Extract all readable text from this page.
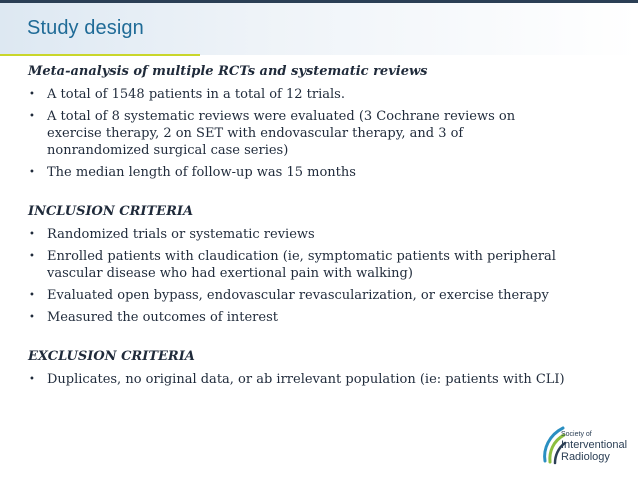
Study design
Meta-analysis of multiple RCTs and systematic reviews
• A total of 1548 patients in a total of 12 trials.
• A total of 8 systematic reviews were evaluated (3 Cochrane reviews on exercise therapy, 2 on SET with endovascular therapy, and 3 of nonrandomized surgical case series)
• The median length of follow-up was 15 months
INCLUSION CRITERIA
• Randomized trials or systematic reviews
• Enrolled patients with claudication (ie, symptomatic patients with peripheral vascular disease who had exertional pain with walking)
• Evaluated open bypass, endovascular revascularization, or exercise therapy
• Measured the outcomes of interest
EXCLUSION CRITERIA
• Duplicates, no original data, or ab irrelevant population (ie: patients with CLI)
Society of
Interventional
Radiology
